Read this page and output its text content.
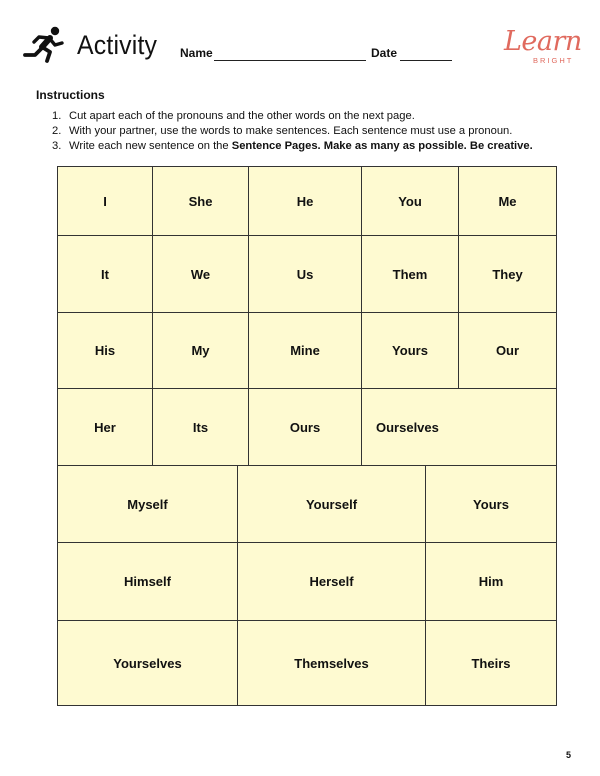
Activity Name	Date	Learn
BRIGHT
Instructions
1. Cut apart each of the pronouns and the other words on the next page.
2. With your partner, use the words to make sentences. Each sentence must use a pronoun.
3. Write each new sentence on the Sentence Pages. Make as many as possible. Be creative.
I	She	He	You	Me
It	We	Us	Them	They
His	My	Mine	Yours	Our
Her	Its	Ours	Ourselves
Myself	Yourself	Yours
Himself	Herself	Him
Yourselves	Themselves	Theirs
5
